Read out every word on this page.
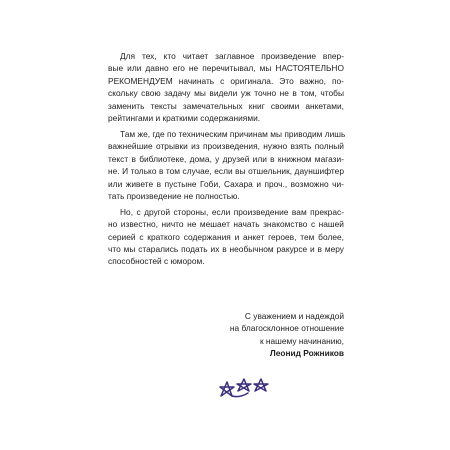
Для тех, кто читает заглавное произведение впер-
вые или давно его не перечитывал, мы НАСТОЯТЕЛЬНО
РЕКОМЕНДУЕМ начинать с оригинала. Это важно, по-
скольку свою задачу мы видели уж точно не в том, чтобы
заменить тексты замечательных книг своими анкетами,
рейтингами и краткими содержаниями.

Там же, где по техническим причинам мы приводим лишь
важнейшие отрывки из произведения, нужно взять полный
текст в библиотеке, дома, у друзей или в книжном магази-
не. И только в том случае, если вы отшельник, дауншифтер
или живете в пустыне Гоби, Сахара и проч., возможно чи-
тать произведение не полностью.

Но, с другой стороны, если произведение вам прекрас-
но известно, ничто не мешает начать знакомство с нашей
серией с краткого содержания и анкет героев, тем более,
что мы старались подать их в необычном ракурсе и в меру
способностей с юмором.

С уважением и надеждой
на благосклонное отношение
к нашему начинанию,
Леонид Рожников
